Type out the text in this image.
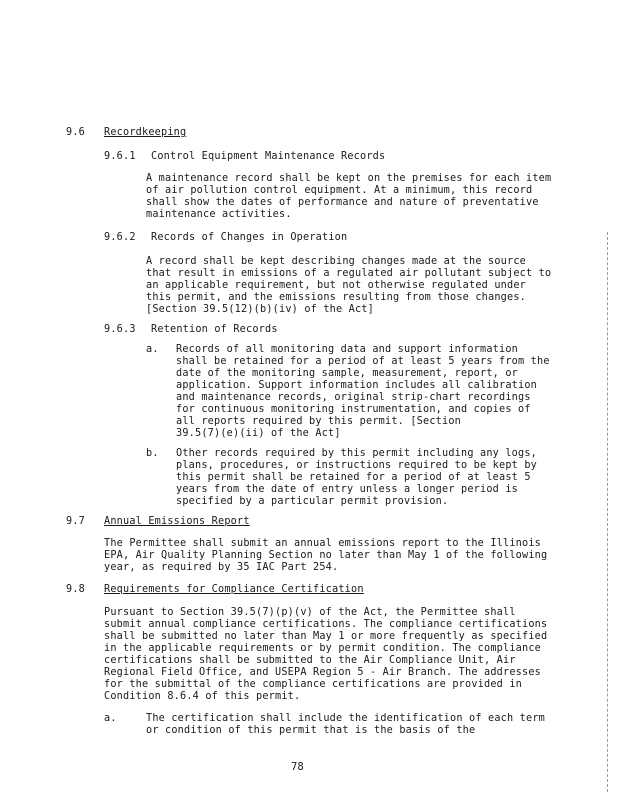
9.6 Recordkeeping
9.6.1 Control Equipment Maintenance Records
A maintenance record shall be kept on the premises for each item
of air pollution control equipment. At a minimum, this record
shall show the dates of performance and nature of preventative
maintenance activities.
9.6.2 Records of Changes in Operation
A record shall be kept describing changes made at the source
that result in emissions of a regulated air pollutant subject to
an applicable requirement, but not otherwise regulated under
this permit, and the emissions resulting from those changes.
[Section 39.5(12)(b)(iv) of the Act]
9.6.3 Retention of Records
a. Records of all monitoring data and support information
shall be retained for a period of at least 5 years from the
date of the monitoring sample, measurement, report, or
application. Support information includes all calibration
and maintenance records, original strip-chart recordings
for continuous monitoring instrumentation, and copies of
all reports required by this permit. [Section
39.5(7)(e)(ii) of the Act]
b. Other records required by this permit including any logs,
plans, procedures, or instructions required to be kept by
this permit shall be retained for a period of at least 5
years from the date of entry unless a longer period is
specified by a particular permit provision.
9.7 Annual Emissions Report
The Permittee shall submit an annual emissions report to the Illinois
EPA, Air Quality Planning Section no later than May 1 of the following
year, as required by 35 IAC Part 254.
9.8 Requirements for Compliance Certification
Pursuant to Section 39.5(7)(p)(v) of the Act, the Permittee shall
submit annual compliance certifications. The compliance certifications
shall be submitted no later than May 1 or more frequently as specified
in the applicable requirements or by permit condition. The compliance
certifications shall be submitted to the Air Compliance Unit, Air
Regional Field Office, and USEPA Region 5 - Air Branch. The addresses
for the submittal of the compliance certifications are provided in
Condition 8.6.4 of this permit.
a.	The certification shall include the identification of each term
or condition of this permit that is the basis of the
78
